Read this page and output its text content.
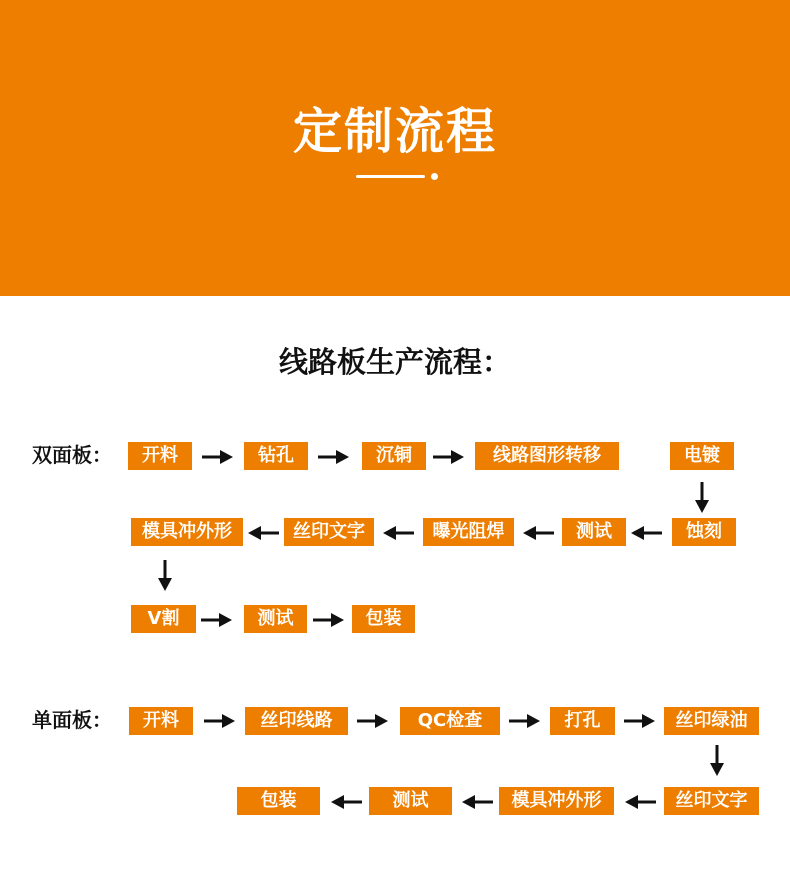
定制流程
线路板生产流程：
双面板：	开料	钻孔	沉铜	线路图形转移	电镀
蚀刻
测试
曝光阻焊
丝印文字
模具冲外形
V割	测试	包装
单面板：	开料	丝印线路	QC检查	打孔	丝印绿油
丝印文字
模具冲外形
测试
包装
